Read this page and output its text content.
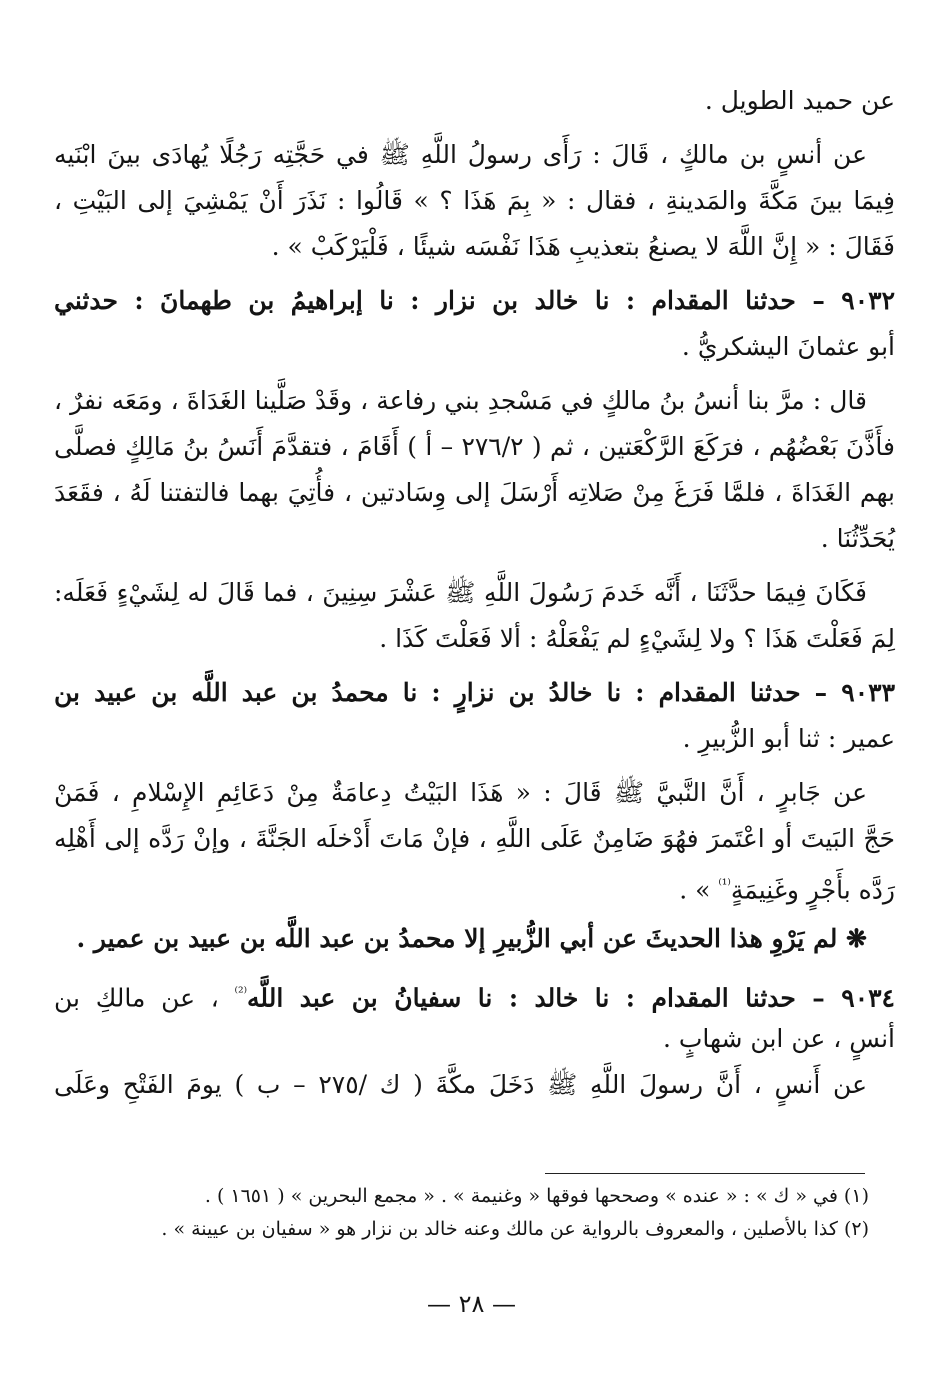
عن حميد الطويل .
عن أنسٍ بن مالكٍ ، قَالَ : رَأَى رسولُ اللَّهِ ﷺ في حَجَّتِه رَجُلًا يُهادَى بينَ ابْنَيه
فِيمَا بينَ مَكَّةَ والمَدينةِ ، فقال : « بِمَ هَذَا ؟ » قَالُوا : نَذَرَ أَنْ يَمْشِيَ إلى البَيْتِ ،
فَقَالَ : « إِنَّ اللَّهَ لا يصنعُ بتعذيبِ هَذَا نَفْسَه شيئًا ، فَلْيَرْكَبْ » .
٩٠٣٢ – حدثنا المقدام : نا خالد بن نزار : نا إبراهيمُ بن طهمانَ : حدثني
أبو عثمانَ اليشكريُّ .
قال : مرَّ بنا أنسُ بنُ مالكٍ في مَسْجدِ بني رفاعة ، وقَدْ صَلَّينا الغَدَاةَ ، ومَعَه نفرٌ ،
فأَذَّنَ بَعْضُهُم ، فرَكَعَ الرَّكْعَتين ، ثم ( ٢٧٦/٢ – أ ) أَقَامَ ، فتقدَّمَ أَنَسُ بنُ مَالِكٍ فصلَّى
بهم الغَدَاةَ ، فلمَّا فَرَغَ مِنْ صَلاتِه أَرْسَلَ إلى وِسَادتين ، فأُتِيَ بهما فالتفتنا لَهُ ، فقَعَدَ
يُحَدِّثُنَا .
فَكَانَ فِيمَا حدَّثَنَا ، أَنَّه خَدمَ رَسُولَ اللَّهِ ﷺ عَشْرَ سِنِينَ ، فما قَالَ له لِشَيْءٍ فَعَلَه:
لِمَ فَعَلْتَ هَذَا ؟ ولا لِشَيْءٍ لم يَفْعَلْهُ : ألا فَعَلْتَ كَذَا .
٩٠٣٣ – حدثنا المقدام : نا خالدُ بن نزارٍ : نا محمدُ بن عبد اللَّه بن عبيد بن
عمير : ثنا أبو الزُّبيرِ .
عن جَابرٍ ، أَنَّ النَّبيَّ ﷺ قَالَ : « هَذَا البَيْتُ دِعامَةٌ مِنْ دَعَائِمِ الإِسْلامِ ، فَمَنْ
حَجَّ البَيتَ أو اعْتَمرَ فهُوَ ضَامِنٌ عَلَى اللَّهِ ، فإنْ مَاتَ أَدْخلَه الجَنَّةَ ، وإنْ رَدَّه إلى أَهْلِه
رَدَّه بأَجْرٍ وغَنِيمَةٍ$^{^{(1)}}$ » .
❋ لم يَرْوِ هذا الحديثَ عن أبي الزُّبيرِ إلا محمدُ بن عبد اللَّه بن عبيد بن عمير .
٩٠٣٤ – حدثنا المقدام : نا خالد : نا سفيانُ بن عبد اللَّه$^{^{(2)}}$ ، عن مالكِ بن
أنسٍ ، عن ابن شهابٍ .
عن أَنسٍ ، أَنَّ رسولَ اللَّهِ ﷺ دَخَلَ مكَّةَ ( ك /٢٧٥ – ب ) يومَ الفَتْحِ وعَلَى
(١) في « ك » : « عنده » وصححها فوقها « وغنيمة » . « مجمع البحرين » ( ١٦٥١ ) .
(٢) كذا بالأصلين ، والمعروف بالرواية عن مالك وعنه خالد بن نزار هو « سفيان بن عيينة » .
— ٢٨ —
